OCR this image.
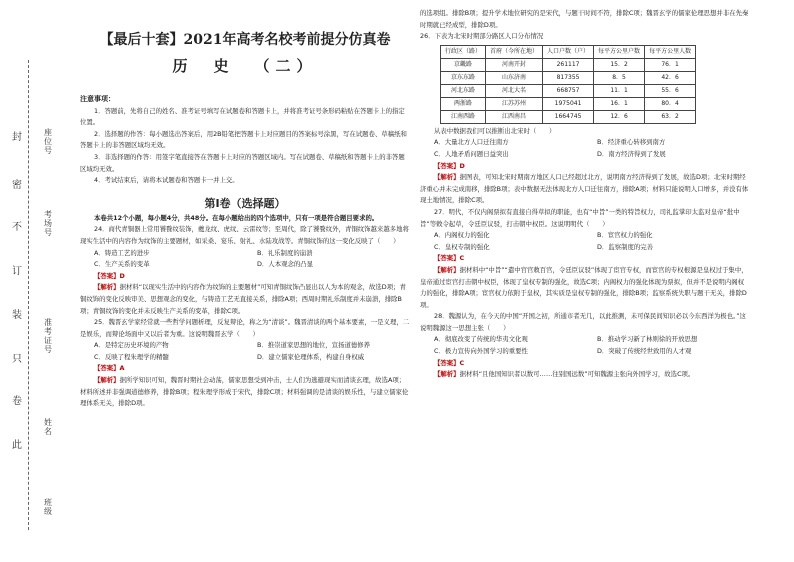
封
密
不
订
装
只
卷
此
座位号
考场号
准考证号
姓名
班级
【最后十套】2021年高考名校考前提分仿真卷
历 史 （二）
注意事项：

1．答题前，先将自己的姓名、准考证号填写在试题卷和答题卡上，并将准考证号条形码粘贴在答题卡上的指定位置。

2．选择题的作答：每小题选出答案后，用2B铅笔把答题卡上对应题目的答案标号涂黑，写在试题卷、草稿纸和答题卡上的非答题区域均无效。

3．非选择题的作答：用签字笔直接答在答题卡上对应的答题区域内。写在试题卷、草稿纸和答题卡上的非答题区域均无效。

4．考试结束后，请将本试题卷和答题卡一并上交。

第Ⅰ卷（选择题）

本卷共12个小题，每小题4分，共48分。在每小题给出的四个选项中，只有一项是符合题目要求的。

24．商代青铜器上常用饕餮纹装饰，夔龙纹、虎纹、云雷纹等；至周代，除了饕餮纹外，青铜纹饰越来越多地将现实生活中的内容作为纹饰的主要题材，如采桑、宴乐、射礼、水陆攻战等。青铜纹饰的这一变化反映了（　　）

A．铸造工艺的进步	B．礼乐制度的崩溃
C．生产关系的变革	D．人本观念的凸显
【答案】D

【解析】据材料“以现实生活中的内容作为纹饰的主要题材”可知青铜纹饰凸显出以人为本的观念，故选D项；青铜纹饰的变化反映审美、思想观念的变化，与铸造工艺无直接关系，排除A项；西周时期礼乐制度并未崩溃，排除B项；青铜纹饰的变化并未反映生产关系的变革，排除C项。

25．魏晋玄学家经常就一些哲学问题析理，反复辩论，称之为“清谈”。魏晋清谈的两个基本要素，一是义理，二是娱乐，而辩论场面中又以后者为重。这说明魏晋玄学（　　）

A．是特定历史环境的产物	B．推崇道家思想的地位，宣扬道德修养
C．反映了程朱理学的精髓	D．建立儒家伦理体系，构建自身权威
【答案】A

【解析】据所学知识可知，魏晋时期社会动荡，儒家思想受到冲击，士人们为逃避现实而清谈玄理，故选A项；材料所述并非强调道德修养，排除B项；程朱理学形成于宋代，排除C项；材料强调的是清谈的娱乐性，与建立儒家伦理体系无关，排除D项。

的选项组。排除B项；提升学术地位研究的是宋代，与题干时间不符，排除C项；魏晋玄学的儒家伦理思想并非在先秦时期就已经成型，排除D项。

26．下表为北宋时期部分路区人口分布情况

行政区（路）	首府（今所在地）	人口户数（户）	每平方公里户数	每平方公里人数
京畿路	河南开封	261117	15．2	76．1
京东东路	山东济南	817355	8．5	42．6
河北东路	河北大名	668757	11．1	55．6
两浙路	江苏苏州	1975041	16．1	80．4
江南西路	江西南昌	1664745	12．6	63．2

从表中数据我们可以推断出北宋时（　　）

A．大量北方人口迁往南方	B．经济重心转移到南方
C．人地矛盾问题日益突出	D．南方经济得到了发展
【答案】D

【解析】据图表，可知北宋时期南方地区人口已经超过北方，说明南方经济得到了发展，故选D项；北宋时期经济重心并未完成南移，排除B项；表中数据无法体现北方人口迁往南方，排除A项；材料只能说明人口增多，并没有体现土地情况，排除C项。

27．明代，不仅内阁票拟有直接自得草拟的职能，也有“中旨”一类的特旨权力，司礼监掌印太监对皇帝“批中旨”等敕令起草，令廷臣议驳，打击朝中权臣。这说明明代（　　）

A．内阁权力的强化	B．宦官权力的强化
C．皇权专制的强化	D．监察制度的完善
【答案】C

【解析】据材料中“中旨”“遣中官官敕百官，令廷臣议驳”体现了宦官专权，而宦官的专权根源是皇权过于集中，皇帝通过宦官打击朝中权臣，体现了皇权专制的强化，故选C项；内阁权力的强化体现为票拟，但并不是说明内阁权力的强化，排除A项；宦官权力依附于皇权，其实质是皇权专制的强化，排除B项；监察系统失职与题干无关，排除D项。

28．魏源认为，在今天的中国“开国之初，所通市者无几，以此推测，未可保民间知识必以今东西洋为极也。”这说明魏源这一思想主张（　　）

A．彻底改变了传统的华夷文化观	B．推动学习新了林则徐的开放思想
C．极力宣传向外国学习的重要性	D．突破了传统经世致用的人才观
【答案】C

【解析】据材料“且他国知识者以数可……往别国远数”可知魏源主张向外国学习，故选C项。
